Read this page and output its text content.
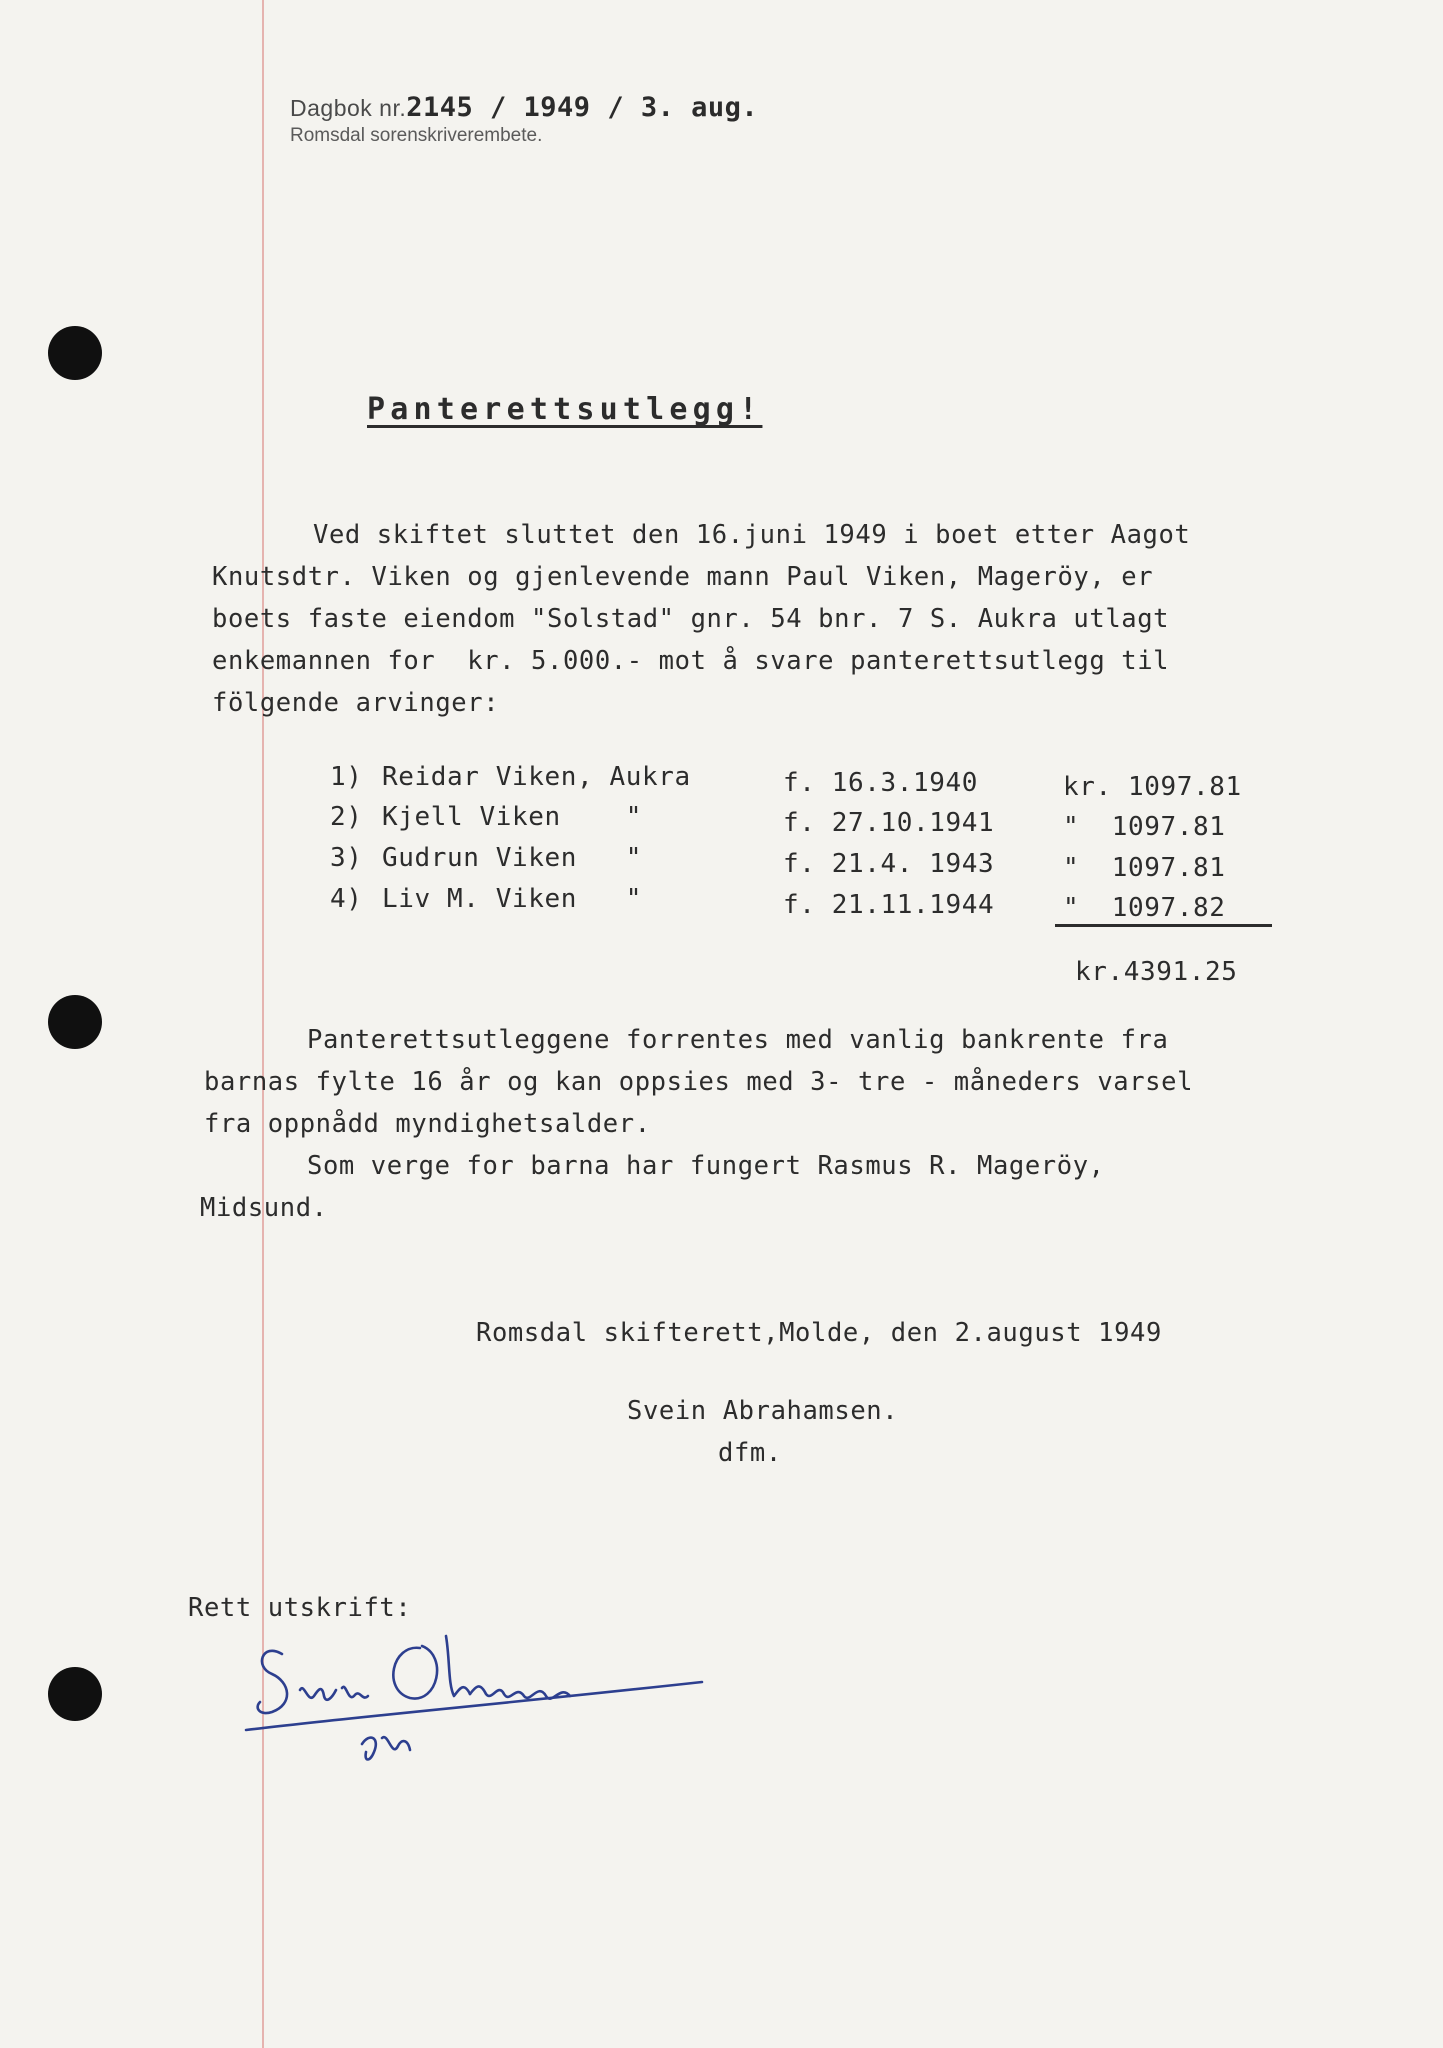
Dagbok nr.2145 / 1949 / 3. aug.
Romsdal sorenskriverembete.
Panterettsutlegg!
Ved skiftet sluttet den 16.juni 1949 i boet etter Aagot
Knutsdtr. Viken og gjenlevende mann Paul Viken, Mageröy, er
boets faste eiendom "Solstad" gnr. 54 bnr. 7 S. Aukra utlagt
enkemannen for  kr. 5.000.- mot å svare panterettsutlegg til
fölgende arvinger:
1) Reidar Viken, Aukra	f. 16.3.1940	kr. 1097.81
2) Kjell Viken    "	f. 27.10.1941	"  1097.81
3) Gudrun Viken   "	f. 21.4. 1943	"  1097.81
4) Liv M. Viken   "	f. 21.11.1944	"  1097.82
kr.4391.25
Panterettsutleggene forrentes med vanlig bankrente fra
barnas fylte 16 år og kan oppsies med 3- tre - måneders varsel
fra oppnådd myndighetsalder.
Som verge for barna har fungert Rasmus R. Mageröy,
Midsund.
Romsdal skifterett,Molde, den 2.august 1949
Svein Abrahamsen.
dfm.
Rett utskrift:
